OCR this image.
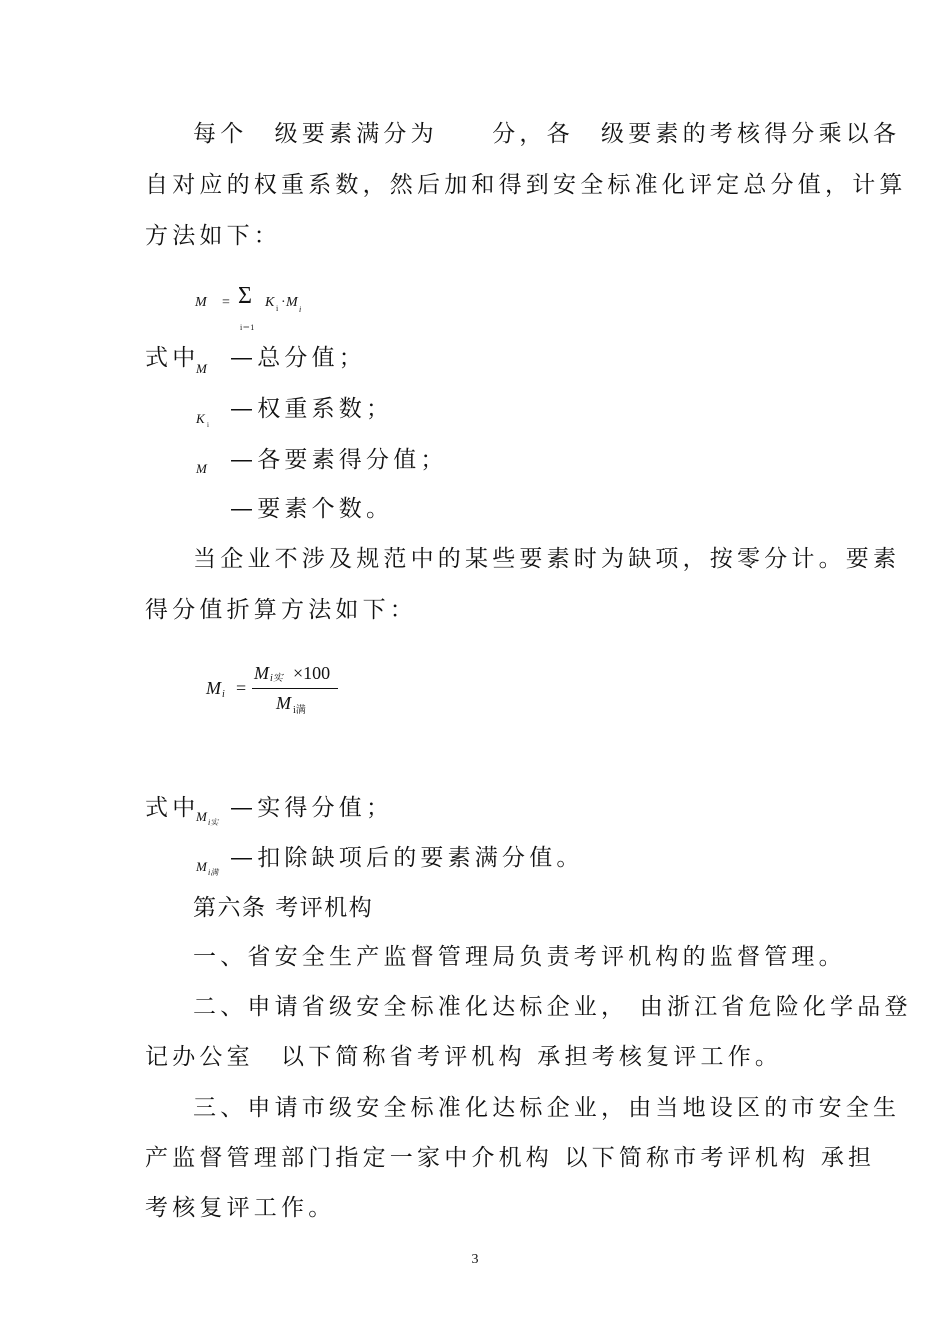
每个　级要素满分为　　分，各　级要素的考核得分乘以各
自对应的权重系数，然后加和得到安全标准化评定总分值，计算
方法如下：
M = Σ K i · M i
i＝1
式中
M —总分值；
K i
—权重系数；
M —各要素得分值；
—要素个数。
当企业不涉及规范中的某些要素时为缺项，按零分计。要素
得分值折算方法如下：
M i =
M i实 ×100
M i满
式中
M i实
—实得分值；
M i满
—扣除缺项后的要素满分值。
第六条 考评机构
一、省安全生产监督管理局负责考评机构的监督管理。
二、申请省级安全标准化达标企业， 由浙江省危险化学品登
记办公室　以下简称省考评机构 承担考核复评工作。
三、申请市级安全标准化达标企业，由当地设区的市安全生
产监督管理部门指定一家中介机构 以下简称市考评机构 承担
考核复评工作。
3
